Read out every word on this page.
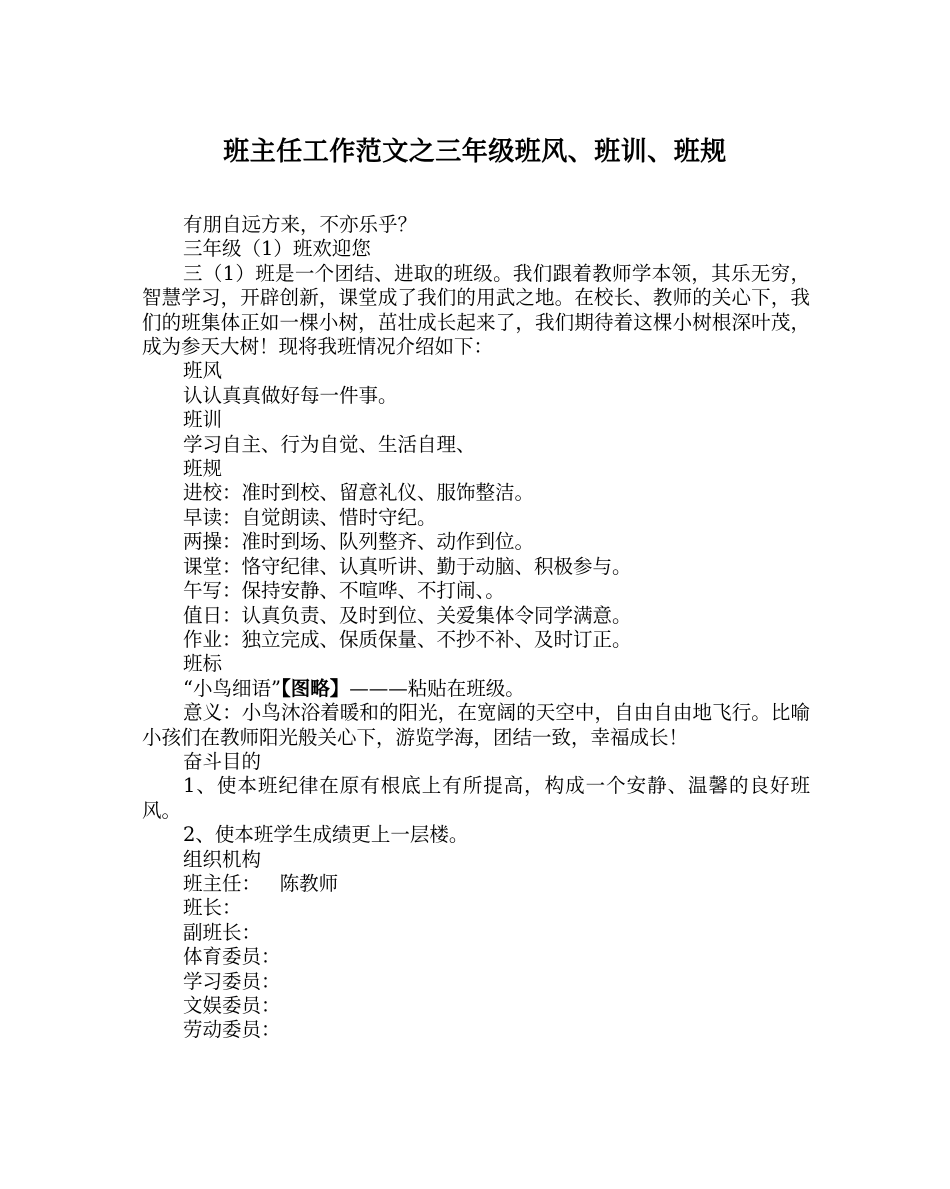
班主任工作范文之三年级班风、班训、班规

有朋自远方来，不亦乐乎？

三年级（1）班欢迎您

三（1）班是一个团结、进取的班级。我们跟着教师学本领，其乐无穷，智慧学习，开辟创新，课堂成了我们的用武之地。在校长、教师的关心下，我们的班集体正如一棵小树，茁壮成长起来了，我们期待着这棵小树根深叶茂，成为参天大树！现将我班情况介绍如下：

班风

认认真真做好每一件事。

班训

学习自主、行为自觉、生活自理、

班规

进校：准时到校、留意礼仪、服饰整洁。

早读：自觉朗读、惜时守纪。

两操：准时到场、队列整齐、动作到位。

课堂：恪守纪律、认真听讲、勤于动脑、积极参与。

午写：保持安静、不喧哗、不打闹、。

值日：认真负责、及时到位、关爱集体令同学满意。

作业：独立完成、保质保量、不抄不补、及时订正。

班标

“小鸟细语”【图略】———粘贴在班级。

意义：小鸟沐浴着暖和的阳光，在宽阔的天空中，自由自由地飞行。比喻小孩们在教师阳光般关心下，游览学海，团结一致，幸福成长！

奋斗目的

1、使本班纪律在原有根底上有所提高，构成一个安静、温馨的良好班风。

2、使本班学生成绩更上一层楼。

组织机构

班主任：   陈教师

班长：

副班长：

体育委员：

学习委员：

文娱委员：

劳动委员：
